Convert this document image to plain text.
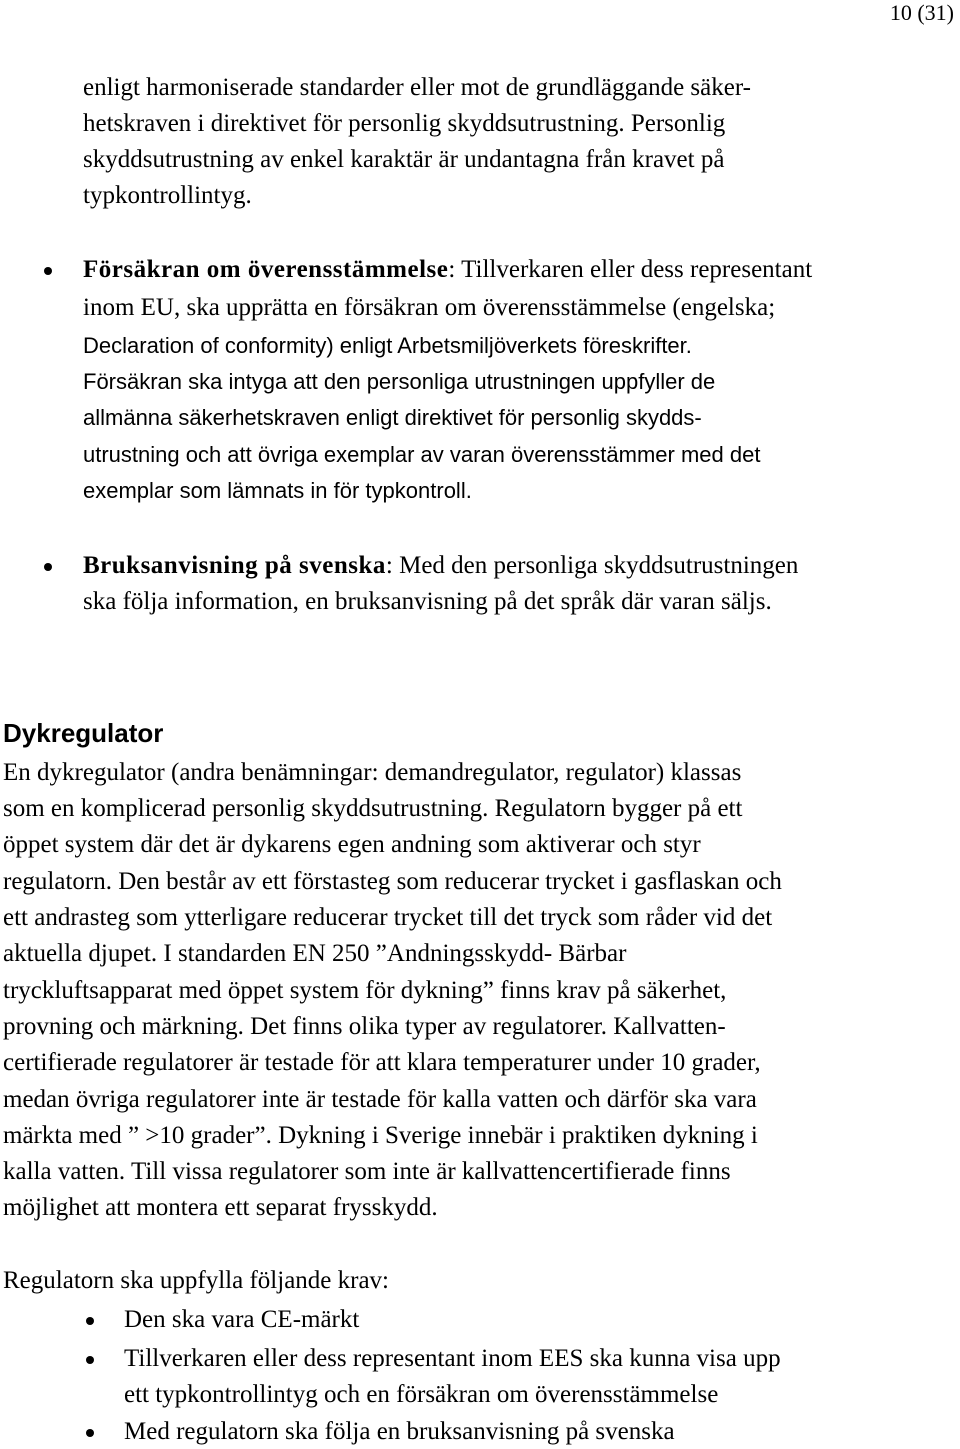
10 (31)
enligt harmoniserade standarder eller mot de grundläggande säker-
hetskraven i direktivet för personlig skyddsutrustning. Personlig
skyddsutrustning av enkel karaktär är undantagna från kravet på
typkontrollintyg.
Försäkran om överensstämmelse: Tillverkaren eller dess representant
inom EU, ska upprätta en försäkran om överensstämmelse (engelska;
Declaration of conformity) enligt Arbetsmiljöverkets föreskrifter.
Försäkran ska intyga att den personliga utrustningen uppfyller de
allmänna säkerhetskraven enligt direktivet för personlig skydds-
utrustning och att övriga exemplar av varan överensstämmer med det
exemplar som lämnats in för typkontroll.
Bruksanvisning på svenska: Med den personliga skyddsutrustningen
ska följa information, en bruksanvisning på det språk där varan säljs.
Dykregulator
En dykregulator (andra benämningar: demandregulator, regulator) klassas
som en komplicerad personlig skyddsutrustning. Regulatorn bygger på ett
öppet system där det är dykarens egen andning som aktiverar och styr
regulatorn. Den består av ett förstasteg som reducerar trycket i gasflaskan och
ett andrasteg som ytterligare reducerar trycket till det tryck som råder vid det
aktuella djupet. I standarden EN 250 ”Andningsskydd- Bärbar
tryckluftsapparat med öppet system för dykning” finns krav på säkerhet,
provning och märkning. Det finns olika typer av regulatorer. Kallvatten-
certifierade regulatorer är testade för att klara temperaturer under 10 grader,
medan övriga regulatorer inte är testade för kalla vatten och därför ska vara
märkta med ” >10 grader”. Dykning i Sverige innebär i praktiken dykning i
kalla vatten. Till vissa regulatorer som inte är kallvattencertifierade finns
möjlighet att montera ett separat frysskydd.
Regulatorn ska uppfylla följande krav:
Den ska vara CE-märkt
Tillverkaren eller dess representant inom EES ska kunna visa upp
ett typkontrollintyg och en försäkran om överensstämmelse
Med regulatorn ska följa en bruksanvisning på svenska
